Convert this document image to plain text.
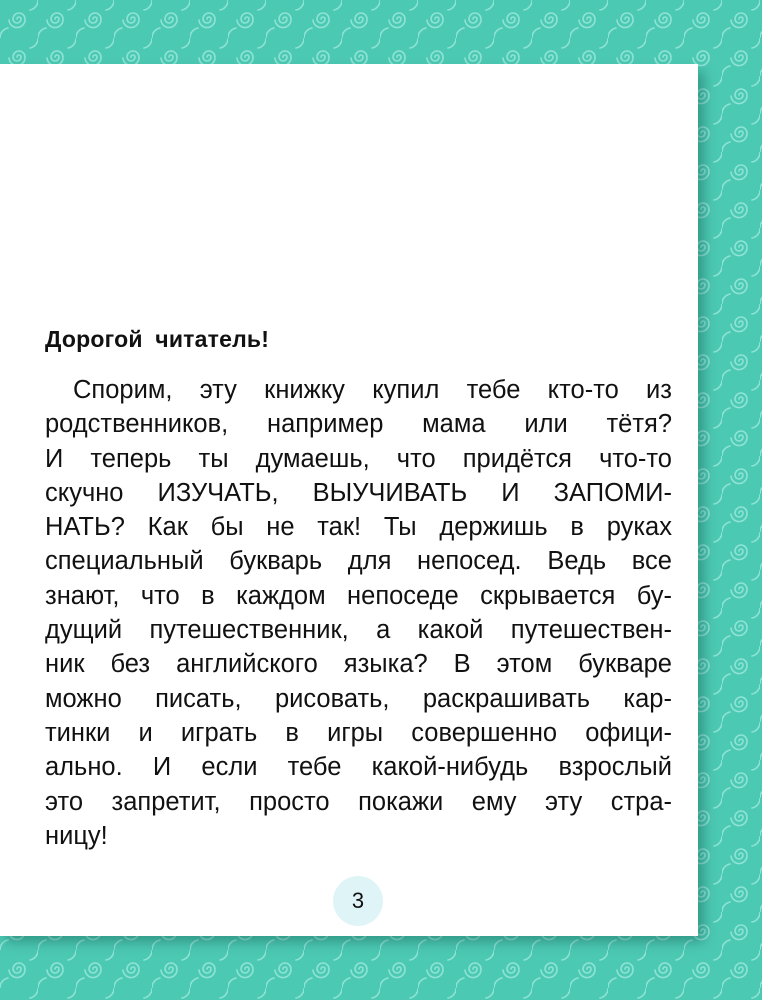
Дорогой читатель!
Спорим, эту книжку купил тебе кто-то из
родственников, например мама или тётя?
И теперь ты думаешь, что придётся что-то
скучно ИЗУЧАТЬ, ВЫУЧИВАТЬ И ЗАПОМИ-
НАТЬ? Как бы не так! Ты держишь в руках
специальный букварь для непосед. Ведь все
знают, что в каждом непоседе скрывается бу-
дущий путешественник, а какой путешествен-
ник без английского языка? В этом букваре
можно писать, рисовать, раскрашивать кар-
тинки и играть в игры совершенно офици-
ально. И если тебе какой-нибудь взрослый
это запретит, просто покажи ему эту стра-
ницу!
3
